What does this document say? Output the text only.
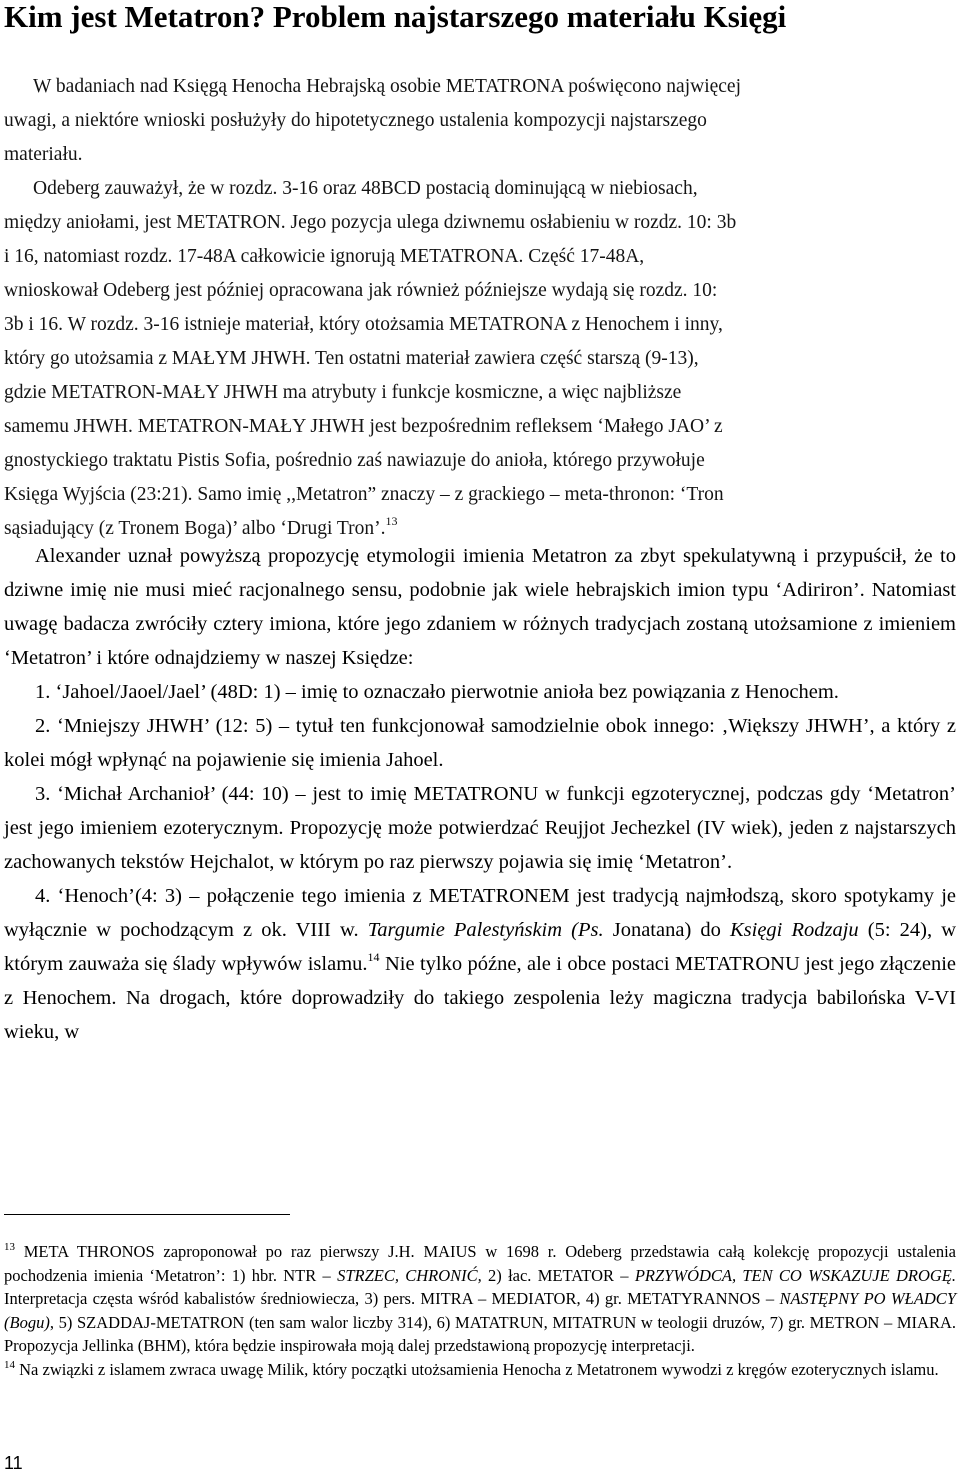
Kim jest Metatron? Problem najstarszego materiału Księgi
W badaniach nad Księgą Henocha Hebrajską osobie METATRONA poświęcono najwięcej
uwagi, a niektóre wnioski posłużyły do hipotetycznego ustalenia kompozycji najstarszego
materiału.
Odeberg zauważył, że w rozdz. 3-16 oraz 48BCD postacią dominującą w niebiosach,
między aniołami, jest METATRON. Jego pozycja ulega dziwnemu osłabieniu w rozdz. 10: 3b
i 16, natomiast rozdz. 17-48A całkowicie ignorują METATRONA. Część 17-48A,
wnioskował Odeberg jest później opracowana jak również późniejsze wydają się rozdz. 10:
3b i 16. W rozdz. 3-16 istnieje materiał, który otożsamia METATRONA z Henochem i inny,
który go utożsamia z MAŁYM JHWH. Ten ostatni materiał zawiera część starszą (9-13),
gdzie METATRON-MAŁY JHWH ma atrybuty i funkcje kosmiczne, a więc najbliższe
samemu JHWH. METATRON-MAŁY JHWH jest bezpośrednim refleksem ‘Małego JAO’ z
gnostyckiego traktatu Pistis Sofia, pośrednio zaś nawiazuje do anioła, którego przywołuje
Księga Wyjścia (23:21). Samo imię ,,Metatron” znaczy – z grackiego – meta-thronon: ‘Tron
sąsiadujący (z Tronem Boga)’ albo ‘Drugi Tron’.$^{13}$

Alexander uznał powyższą propozycję etymologii imienia Metatron za zbyt spekulatywną i przypuścił, że to dziwne imię nie musi mieć racjonalnego sensu, podobnie jak wiele hebrajskich imion typu ‘Adiriron’. Natomiast uwagę badacza zwróciły cztery imiona, które jego zdaniem w różnych tradycjach zostaną utożsamione z imieniem ‘Metatron’ i które odnajdziemy w naszej Księdze:

1. ‘Jahoel/Jaoel/Jael’ (48D: 1) – imię to oznaczało pierwotnie anioła bez powiązania z Henochem.

2. ‘Mniejszy JHWH’ (12: 5) – tytuł ten funkcjonował samodzielnie obok innego: ‚Większy JHWH’, a który z kolei mógł wpłynąć na pojawienie się imienia Jahoel.

3. ‘Michał Archanioł’ (44: 10) – jest to imię METATRONU w funkcji egzoterycznej, podczas gdy ‘Metatron’ jest jego imieniem ezoterycznym. Propozycję może potwierdzać Reujjot Jechezkel (IV wiek), jeden z najstarszych zachowanych tekstów Hejchalot, w którym po raz pierwszy pojawia się imię ‘Metatron’.

4. ‘Henoch’(4: 3) – połączenie tego imienia z METATRONEM jest tradycją najmłodszą, skoro spotykamy je wyłącznie w pochodzącym z ok. VIII w. Targumie Palestyńskim (Ps. Jonatana) do Księgi Rodzaju (5: 24), w którym zauważa się ślady wpływów islamu.$^{14}$ Nie tylko późne, ale i obce postaci METATRONU jest jego złączenie z Henochem. Na drogach, które doprowadziły do takiego zespolenia leży magiczna tradycja babilońska V-VI wieku, w

$^{13}$ META THRONOS zaproponował po raz pierwszy J.H. MAIUS w 1698 r. Odeberg przedstawia całą kolekcję propozycji ustalenia pochodzenia imienia ‘Metatron’: 1) hbr. NTR – STRZEC, CHRONIĆ, 2) łac. METATOR – PRZYWÓDCA, TEN CO WSKAZUJE DROGĘ. Interpretacja częsta wśród kabalistów średniowiecza, 3) pers. MITRA – MEDIATOR, 4) gr. METATYRANNOS – NASTĘPNY PO WŁADCY (Bogu), 5) SZADDAJ-METATRON (ten sam walor liczby 314), 6) MATATRUN, MITATRUN w teologii druzów, 7) gr. METRON – MIARA. Propozycja Jellinka (BHM), która będzie inspirowała moją dalej przedstawioną propozycję interpretacji.

$^{14}$ Na związki z islamem zwraca uwagę Milik, który początki utożsamienia Henocha z Metatronem wywodzi z kręgów ezoterycznych islamu.

11
